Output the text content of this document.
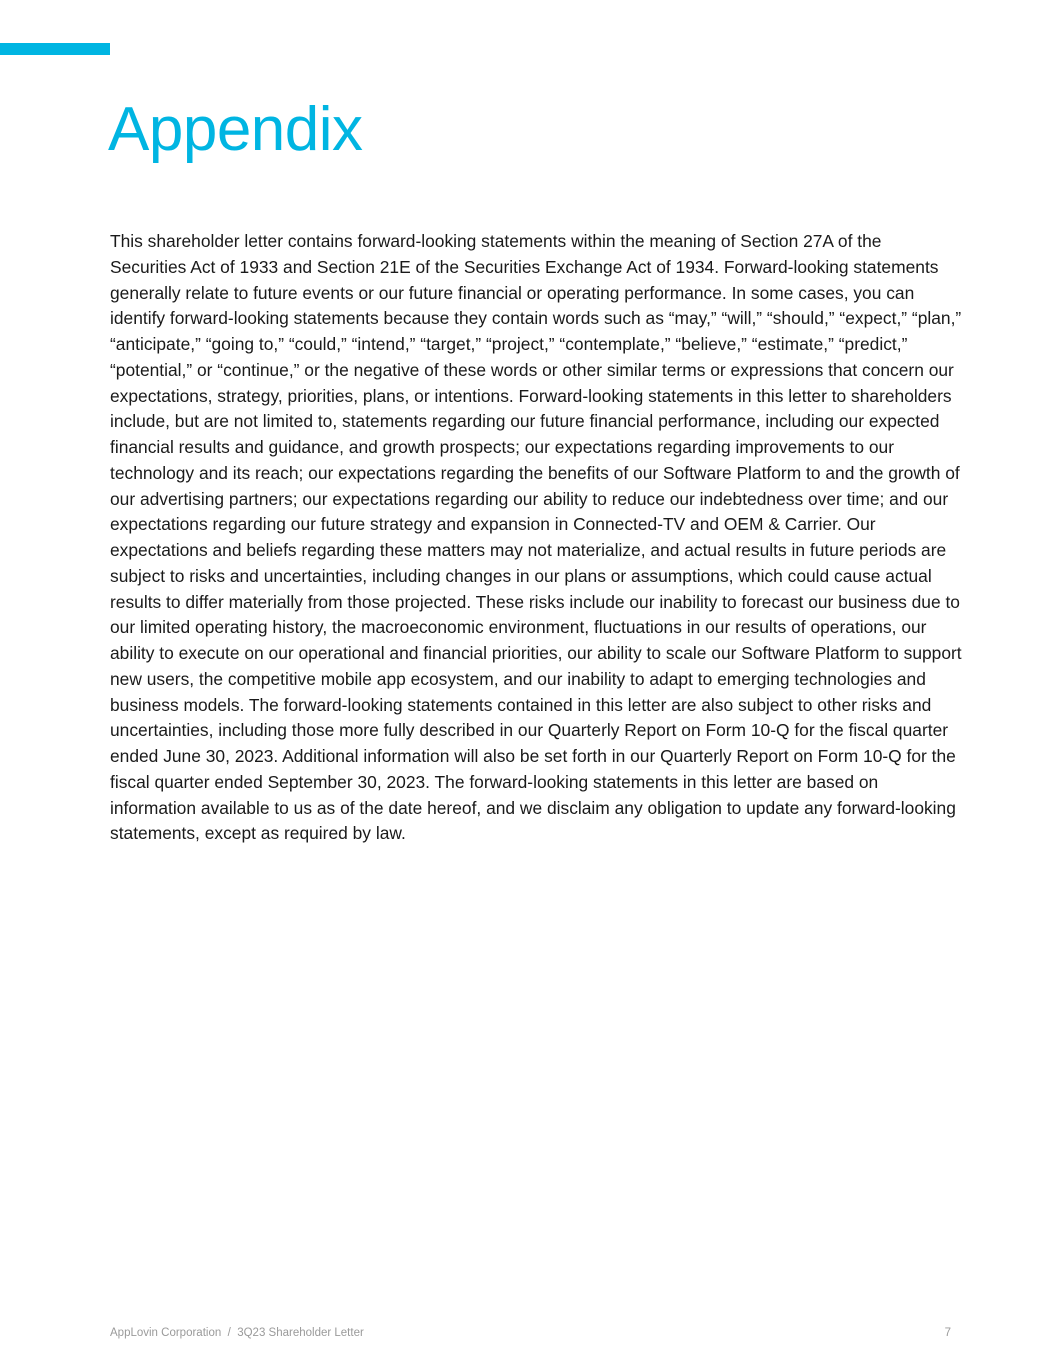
Appendix

This shareholder letter contains forward-looking statements within the meaning of Section 27A of the Securities Act of 1933 and Section 21E of the Securities Exchange Act of 1934. Forward-looking statements generally relate to future events or our future financial or operating performance. In some cases, you can identify forward-looking statements because they contain words such as “may,” “will,” “should,” “expect,” “plan,” “anticipate,” “going to,” “could,” “intend,” “target,” “project,” “contemplate,” “believe,” “estimate,” “predict,” “potential,” or “continue,” or the negative of these words or other similar terms or expressions that concern our expectations, strategy, priorities, plans, or intentions. Forward-looking statements in this letter to shareholders include, but are not limited to, statements regarding our future financial performance, including our expected financial results and guidance, and growth prospects; our expectations regarding improvements to our technology and its reach; our expectations regarding the benefits of our Software Platform to and the growth of our advertising partners; our expectations regarding our ability to reduce our indebtedness over time; and our expectations regarding our future strategy and expansion in Connected-TV and OEM & Carrier. Our expectations and beliefs regarding these matters may not materialize, and actual results in future periods are subject to risks and uncertainties, including changes in our plans or assumptions, which could cause actual results to differ materially from those projected. These risks include our inability to forecast our business due to our limited operating history, the macroeconomic environment, fluctuations in our results of operations, our ability to execute on our operational and financial priorities, our ability to scale our Software Platform to support new users, the competitive mobile app ecosystem, and our inability to adapt to emerging technologies and business models. The forward-looking statements contained in this letter are also subject to other risks and uncertainties, including those more fully described in our Quarterly Report on Form 10-Q for the fiscal quarter ended June 30, 2023. Additional information will also be set forth in our Quarterly Report on Form 10-Q for the fiscal quarter ended September 30, 2023. The forward-looking statements in this letter are based on information available to us as of the date hereof, and we disclaim any obligation to update any forward-looking statements, except as required by law.

AppLovin Corporation  /  3Q23 Shareholder Letter	7
